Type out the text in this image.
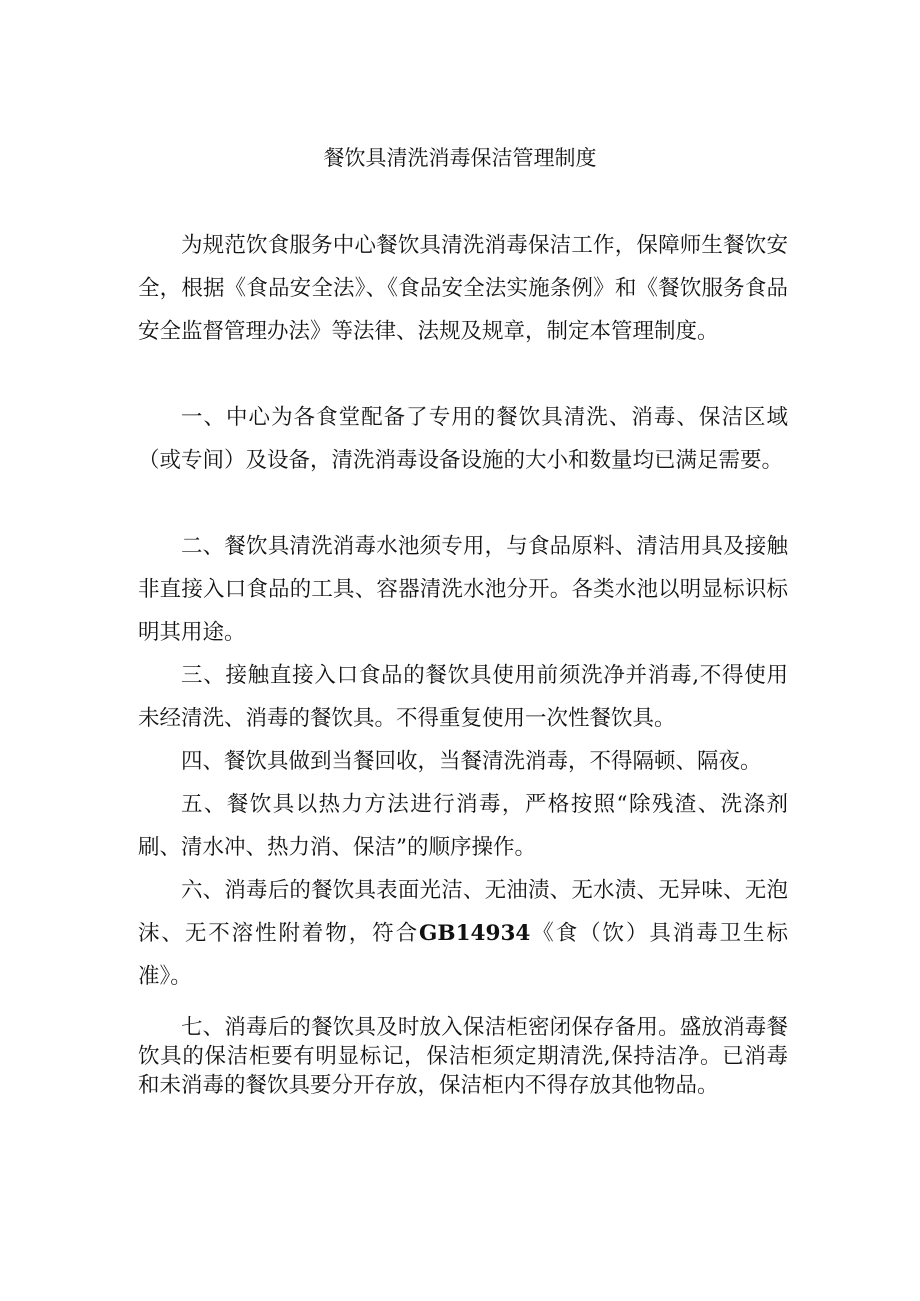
餐饮具清洗消毒保洁管理制度

为规范饮食服务中心餐饮具清洗消毒保洁工作，保障师生餐饮安全，根据《食品安全法》、《食品安全法实施条例》和《餐饮服务食品安全监督管理办法》等法律、法规及规章，制定本管理制度。

一、中心为各食堂配备了专用的餐饮具清洗、消毒、保洁区域（或专间）及设备，清洗消毒设备设施的大小和数量均已满足需要。

二、餐饮具清洗消毒水池须专用，与食品原料、清洁用具及接触非直接入口食品的工具、容器清洗水池分开。各类水池以明显标识标明其用途。

三、接触直接入口食品的餐饮具使用前须洗净并消毒,不得使用未经清洗、消毒的餐饮具。不得重复使用一次性餐饮具。

四、餐饮具做到当餐回收，当餐清洗消毒，不得隔顿、隔夜。

五、餐饮具以热力方法进行消毒，严格按照“除残渣、洗涤剂刷、清水冲、热力消、保洁”的顺序操作。

六、消毒后的餐饮具表面光洁、无油渍、无水渍、无异味、无泡沫、无不溶性附着物，符合GB14934《食（饮）具消毒卫生标准》。

七、消毒后的餐饮具及时放入保洁柜密闭保存备用。盛放消毒餐饮具的保洁柜要有明显标记，保洁柜须定期清洗,保持洁净。已消毒和未消毒的餐饮具要分开存放，保洁柜内不得存放其他物品。
